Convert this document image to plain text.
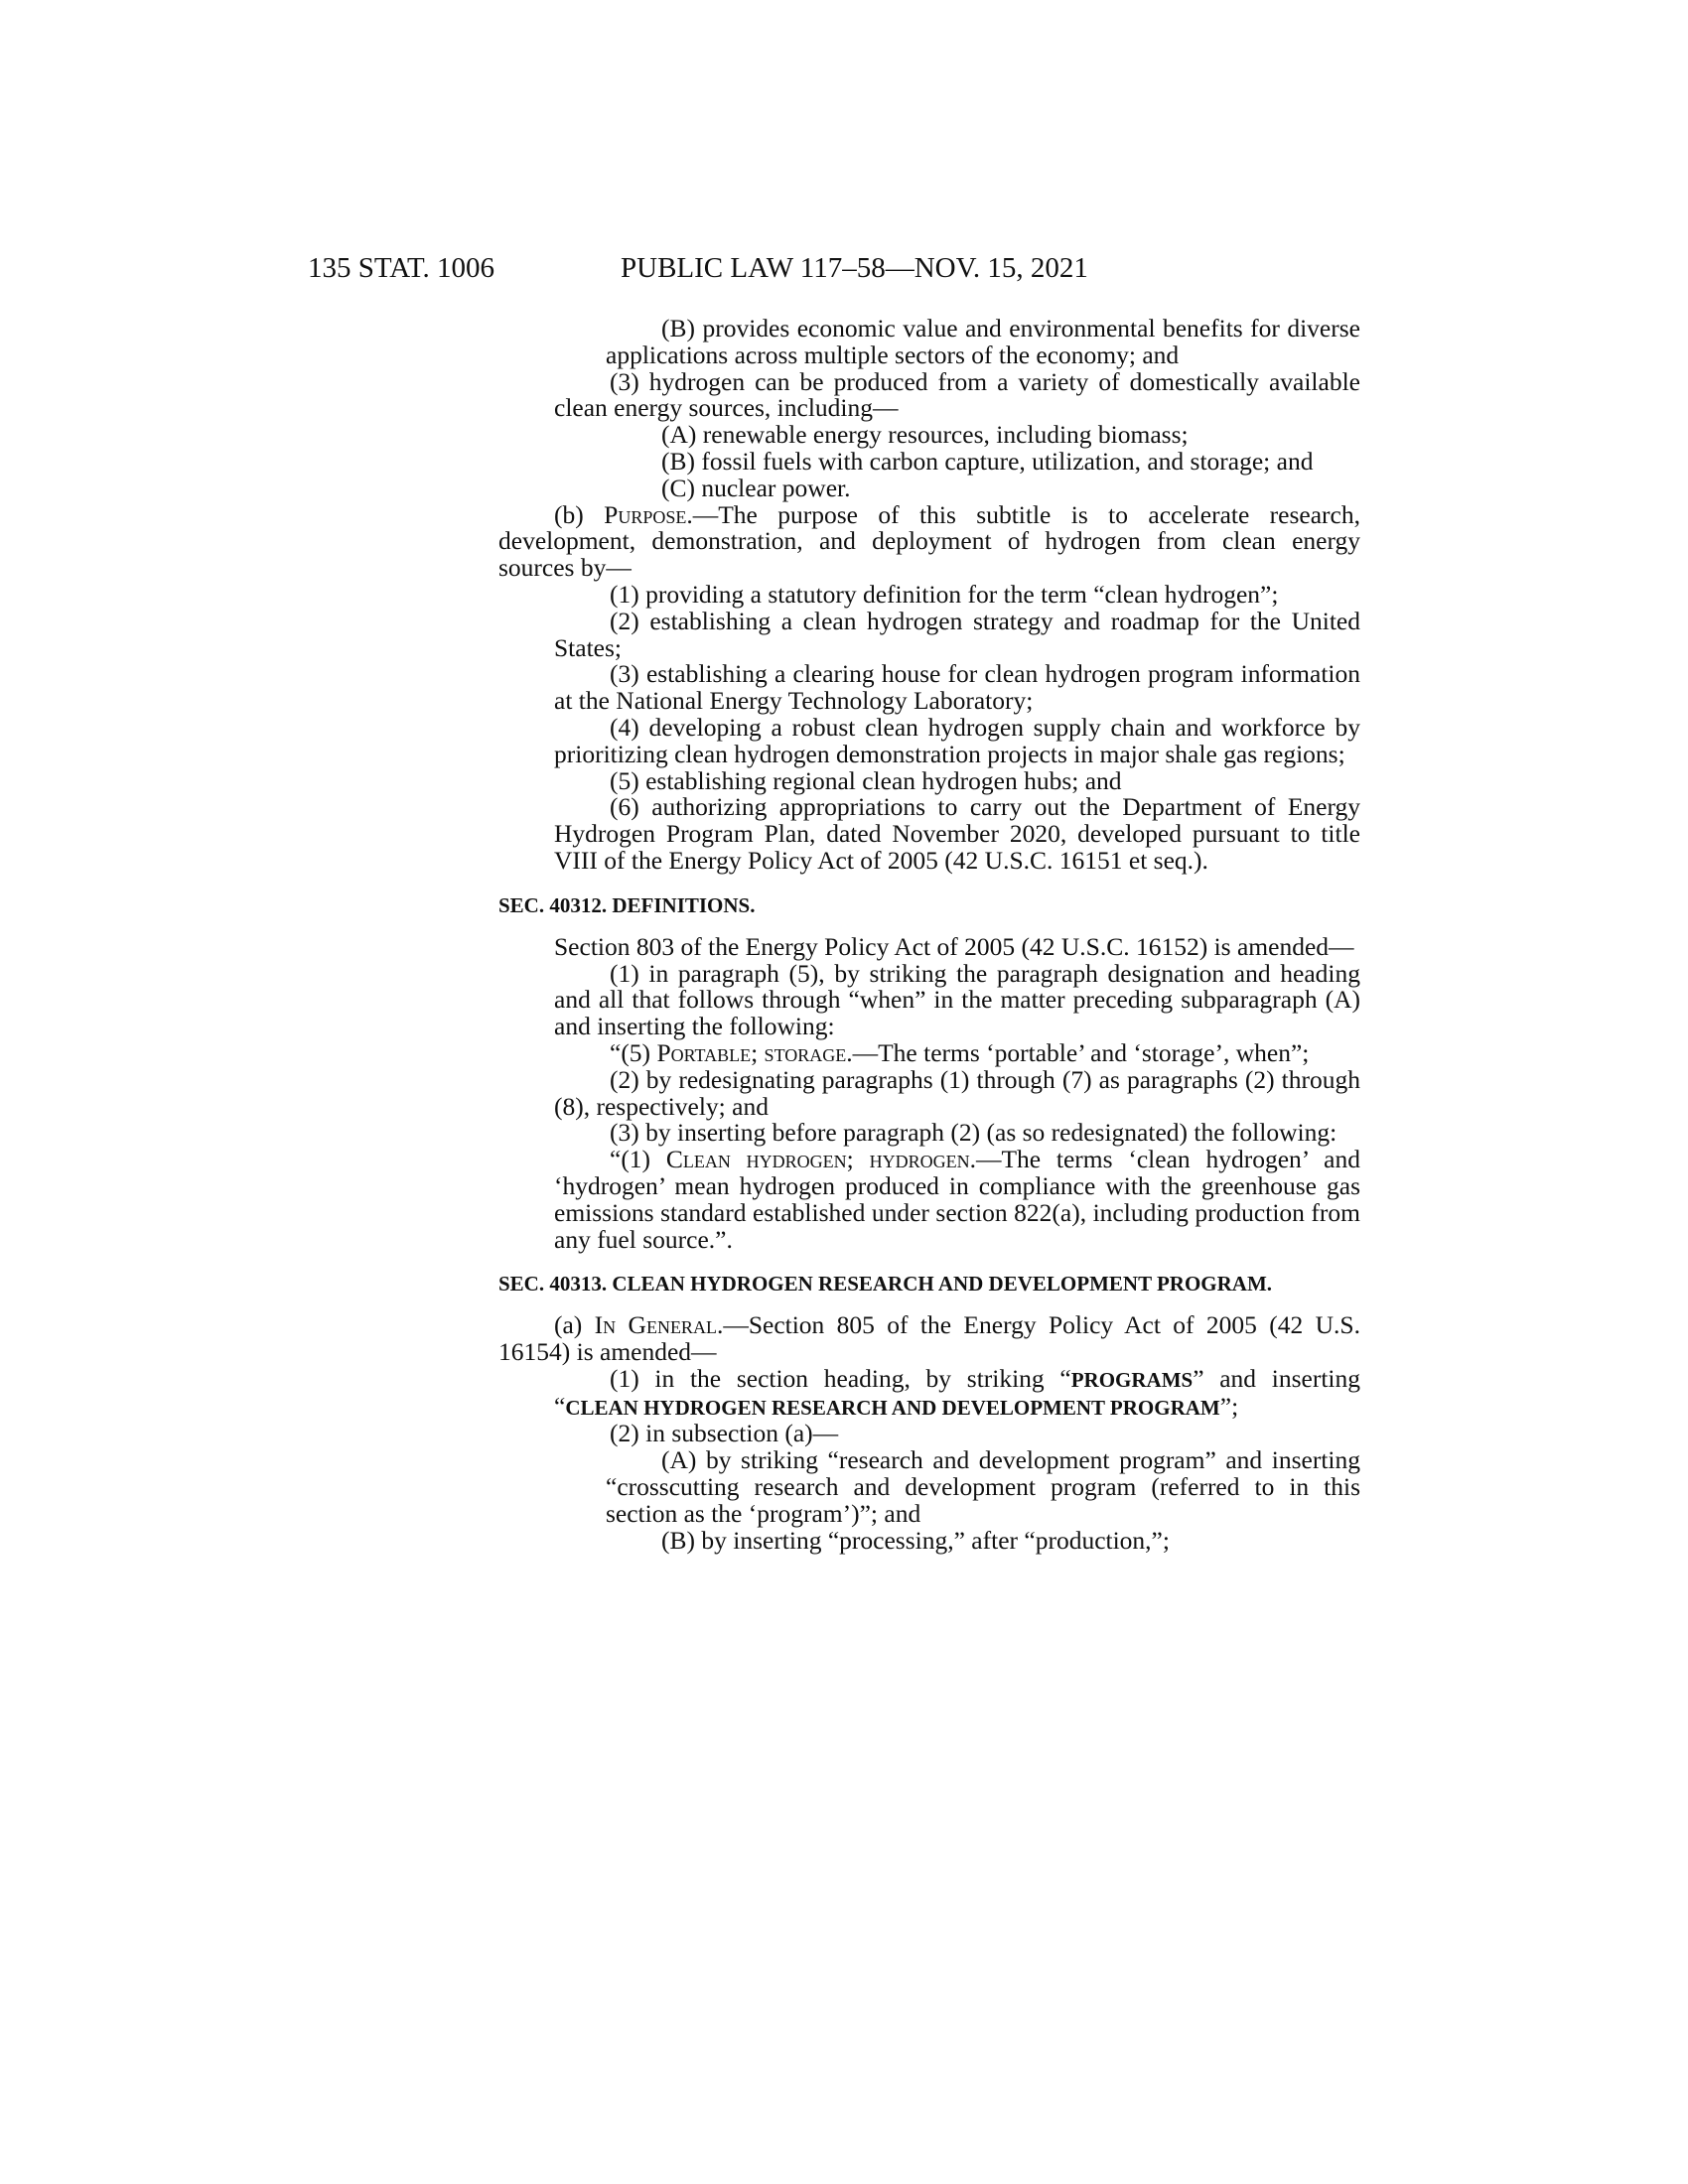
135 STAT. 1006	PUBLIC LAW 117–58—NOV. 15, 2021

(B) provides economic value and environmental benefits for diverse applications across multiple sectors of the economy; and

(3) hydrogen can be produced from a variety of domestically available clean energy sources, including—

(A) renewable energy resources, including biomass;

(B) fossil fuels with carbon capture, utilization, and storage; and

(C) nuclear power.

(b) Purpose.—The purpose of this subtitle is to accelerate research, development, demonstration, and deployment of hydrogen from clean energy sources by—

(1) providing a statutory definition for the term “clean hydrogen”;

(2) establishing a clean hydrogen strategy and roadmap for the United States;

(3) establishing a clearing house for clean hydrogen program information at the National Energy Technology Laboratory;

(4) developing a robust clean hydrogen supply chain and workforce by prioritizing clean hydrogen demonstration projects in major shale gas regions;

(5) establishing regional clean hydrogen hubs; and

(6) authorizing appropriations to carry out the Department of Energy Hydrogen Program Plan, dated November 2020, developed pursuant to title VIII of the Energy Policy Act of 2005 (42 U.S.C. 16151 et seq.).

SEC. 40312. DEFINITIONS.

Section 803 of the Energy Policy Act of 2005 (42 U.S.C. 16152) is amended—

(1) in paragraph (5), by striking the paragraph designation and heading and all that follows through “when” in the matter preceding subparagraph (A) and inserting the following:

“(5) Portable; storage.—The terms ‘portable’ and ‘storage’, when”;

(2) by redesignating paragraphs (1) through (7) as paragraphs (2) through (8), respectively; and

(3) by inserting before paragraph (2) (as so redesignated) the following:

“(1) Clean hydrogen; hydrogen.—The terms ‘clean hydrogen’ and ‘hydrogen’ mean hydrogen produced in compliance with the greenhouse gas emissions standard established under section 822(a), including production from any fuel source.”.

SEC. 40313. CLEAN HYDROGEN RESEARCH AND DEVELOPMENT PROGRAM.

(a) In General.—Section 805 of the Energy Policy Act of 2005 (42 U.S. 16154) is amended—

(1) in the section heading, by striking “PROGRAMS” and inserting “CLEAN HYDROGEN RESEARCH AND DEVELOPMENT PROGRAM”;

(2) in subsection (a)—

(A) by striking “research and development program” and inserting “crosscutting research and development program (referred to in this section as the ‘program’)”; and

(B) by inserting “processing,” after “production,”;
